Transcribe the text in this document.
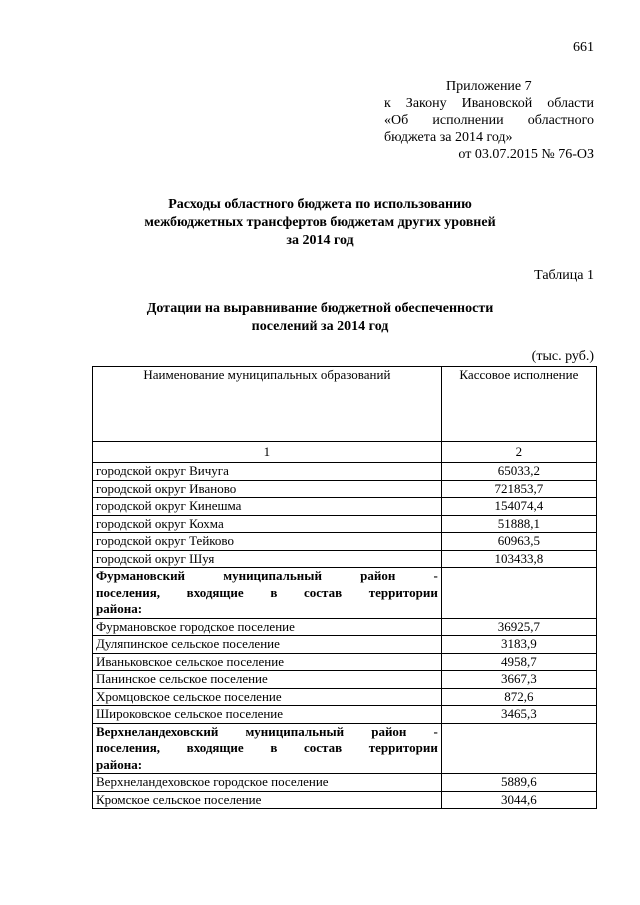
661
Приложение 7
к Закону Ивановской области
«Об исполнении областного
бюджета за 2014 год»
от 03.07.2015 № 76-ОЗ
Расходы областного бюджета по использованию
межбюджетных трансфертов бюджетам других уровней
за 2014 год
Таблица 1
Дотации на выравнивание бюджетной обеспеченности
поселений за 2014 год
(тыс. руб.)
Наименование муниципальных образований	Кассовое исполнение
1	2
городской округ Вичуга	65033,2
городской округ Иваново	721853,7
городской округ Кинешма	154074,4
городской округ Кохма	51888,1
городской округ Тейково	60963,5
городской округ Шуя	103433,8

Фурмановский муниципальный район -
поселения, входящие в состав территории
района:	
Фурмановское городское поселение	36925,7
Дуляпинское сельское поселение	3183,9
Иваньковское сельское поселение	4958,7
Панинское сельское поселение	3667,3
Хромцовское сельское поселение	872,6
Широковское сельское поселение	3465,3

Верхнеландеховский муниципальный район -
поселения, входящие в состав территории
района:	
Верхнеландеховское городское поселение	5889,6
Кромское сельское поселение	3044,6
